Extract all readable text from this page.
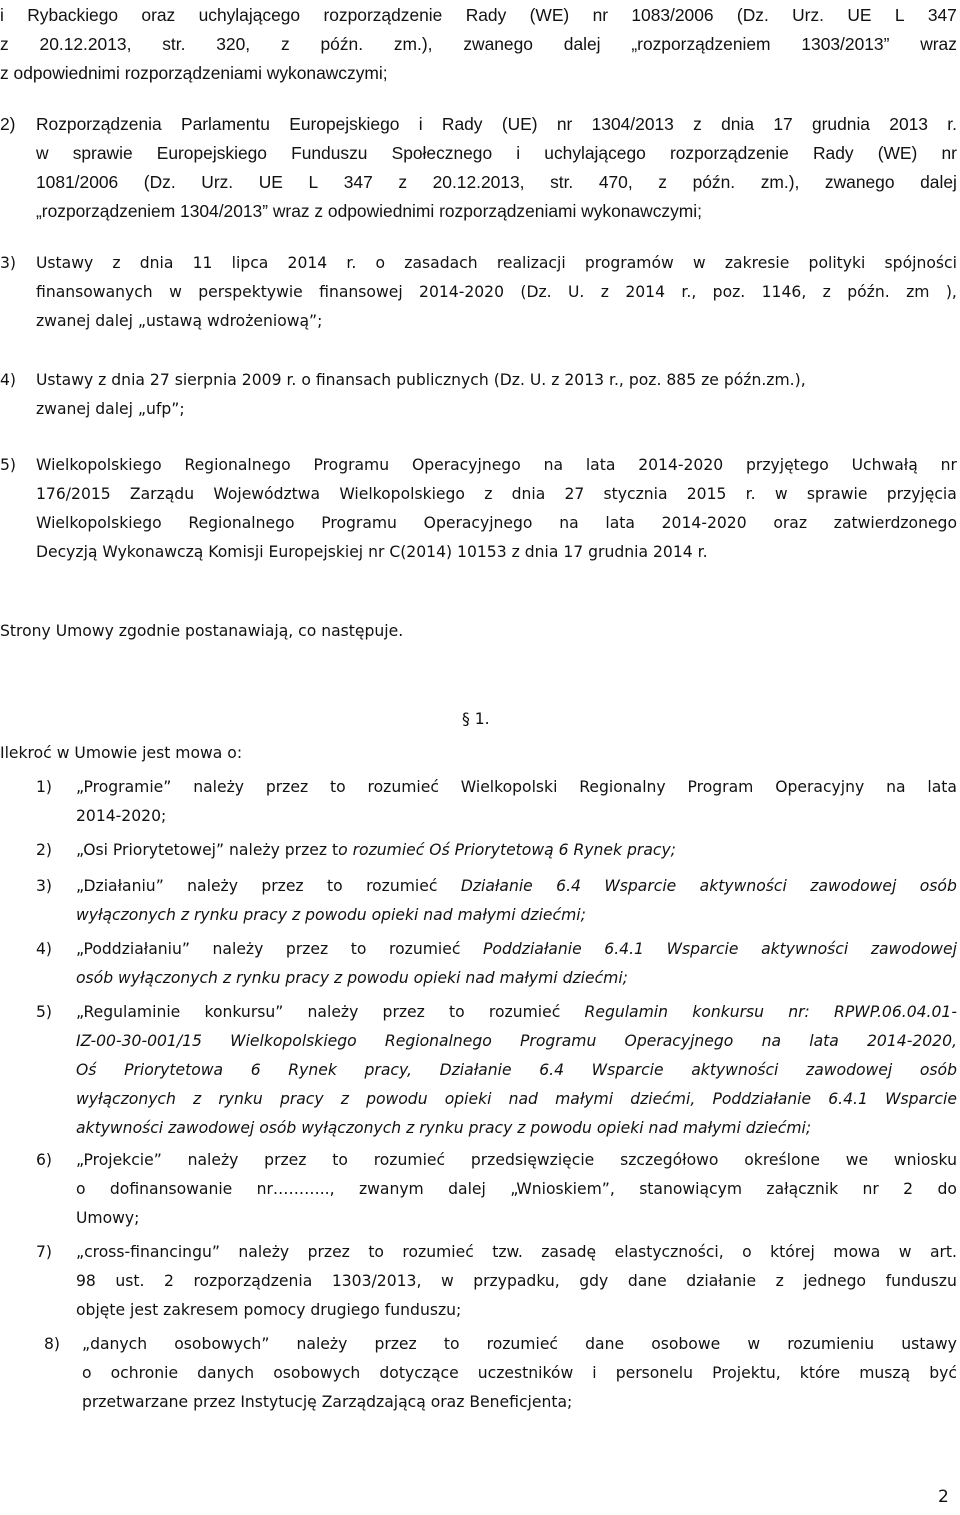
i Rybackiego oraz uchylającego rozporządzenie Rady (WE) nr 1083/2006 (Dz. Urz. UE L 347
z 20.12.2013, str. 320, z późn. zm.), zwanego dalej „rozporządzeniem 1303/2013” wraz
z odpowiednimi rozporządzeniami wykonawczymi;
2) Rozporządzenia Parlamentu Europejskiego i Rady (UE) nr 1304/2013 z dnia 17 grudnia 2013 r.
w sprawie Europejskiego Funduszu Społecznego i uchylającego rozporządzenie Rady (WE) nr
1081/2006 (Dz. Urz. UE L 347 z 20.12.2013, str. 470, z późn. zm.), zwanego dalej
„rozporządzeniem 1304/2013” wraz z odpowiednimi rozporządzeniami wykonawczymi;
3) Ustawy z dnia 11 lipca 2014 r. o zasadach realizacji programów w zakresie polityki spójności
finansowanych w perspektywie finansowej 2014-2020 (Dz. U. z 2014 r., poz. 1146, z późn. zm ),
zwanej dalej „ustawą wdrożeniową”;
4) Ustawy z dnia 27 sierpnia 2009 r. o finansach publicznych (Dz. U. z 2013 r., poz. 885 ze późn.zm.),
zwanej dalej „ufp”;
5) Wielkopolskiego Regionalnego Programu Operacyjnego na lata 2014-2020 przyjętego Uchwałą nr
176/2015 Zarządu Województwa Wielkopolskiego z dnia 27 stycznia 2015 r. w sprawie przyjęcia
Wielkopolskiego Regionalnego Programu Operacyjnego na lata 2014-2020 oraz zatwierdzonego
Decyzją Wykonawczą Komisji Europejskiej nr C(2014) 10153 z dnia 17 grudnia 2014 r.
Strony Umowy zgodnie postanawiają, co następuje.
§ 1.
Ilekroć w Umowie jest mowa o:
1) „Programie” należy przez to rozumieć Wielkopolski Regionalny Program Operacyjny na lata
2014-2020;
2) „Osi Priorytetowej” należy przez to rozumieć Oś Priorytetową 6 Rynek pracy;
3) „Działaniu” należy przez to rozumieć Działanie 6.4 Wsparcie aktywności zawodowej osób
wyłączonych z rynku pracy z powodu opieki nad małymi dziećmi;
4) „Poddziałaniu” należy przez to rozumieć Poddziałanie 6.4.1 Wsparcie aktywności zawodowej
osób wyłączonych z rynku pracy z powodu opieki nad małymi dziećmi;
5) „Regulaminie konkursu” należy przez to rozumieć Regulamin konkursu nr: RPWP.06.04.01-
IZ-00-30-001/15 Wielkopolskiego Regionalnego Programu Operacyjnego na lata 2014-2020,
Oś Priorytetowa 6 Rynek pracy, Działanie 6.4 Wsparcie aktywności zawodowej osób
wyłączonych z rynku pracy z powodu opieki nad małymi dziećmi, Poddziałanie 6.4.1 Wsparcie
aktywności zawodowej osób wyłączonych z rynku pracy z powodu opieki nad małymi dziećmi;
6) „Projekcie” należy przez to rozumieć przedsięwzięcie szczegółowo określone we wniosku
o dofinansowanie nr……….., zwanym dalej „Wnioskiem”, stanowiącym załącznik nr 2 do
Umowy;
7) „cross-financingu” należy przez to rozumieć tzw. zasadę elastyczności, o której mowa w art.
98 ust. 2 rozporządzenia 1303/2013, w przypadku, gdy dane działanie z jednego funduszu
objęte jest zakresem pomocy drugiego funduszu;
8) „danych osobowych” należy przez to rozumieć dane osobowe w rozumieniu ustawy
o ochronie danych osobowych dotyczące uczestników i personelu Projektu, które muszą być
przetwarzane przez Instytucję Zarządzającą oraz Beneficjenta;
2
